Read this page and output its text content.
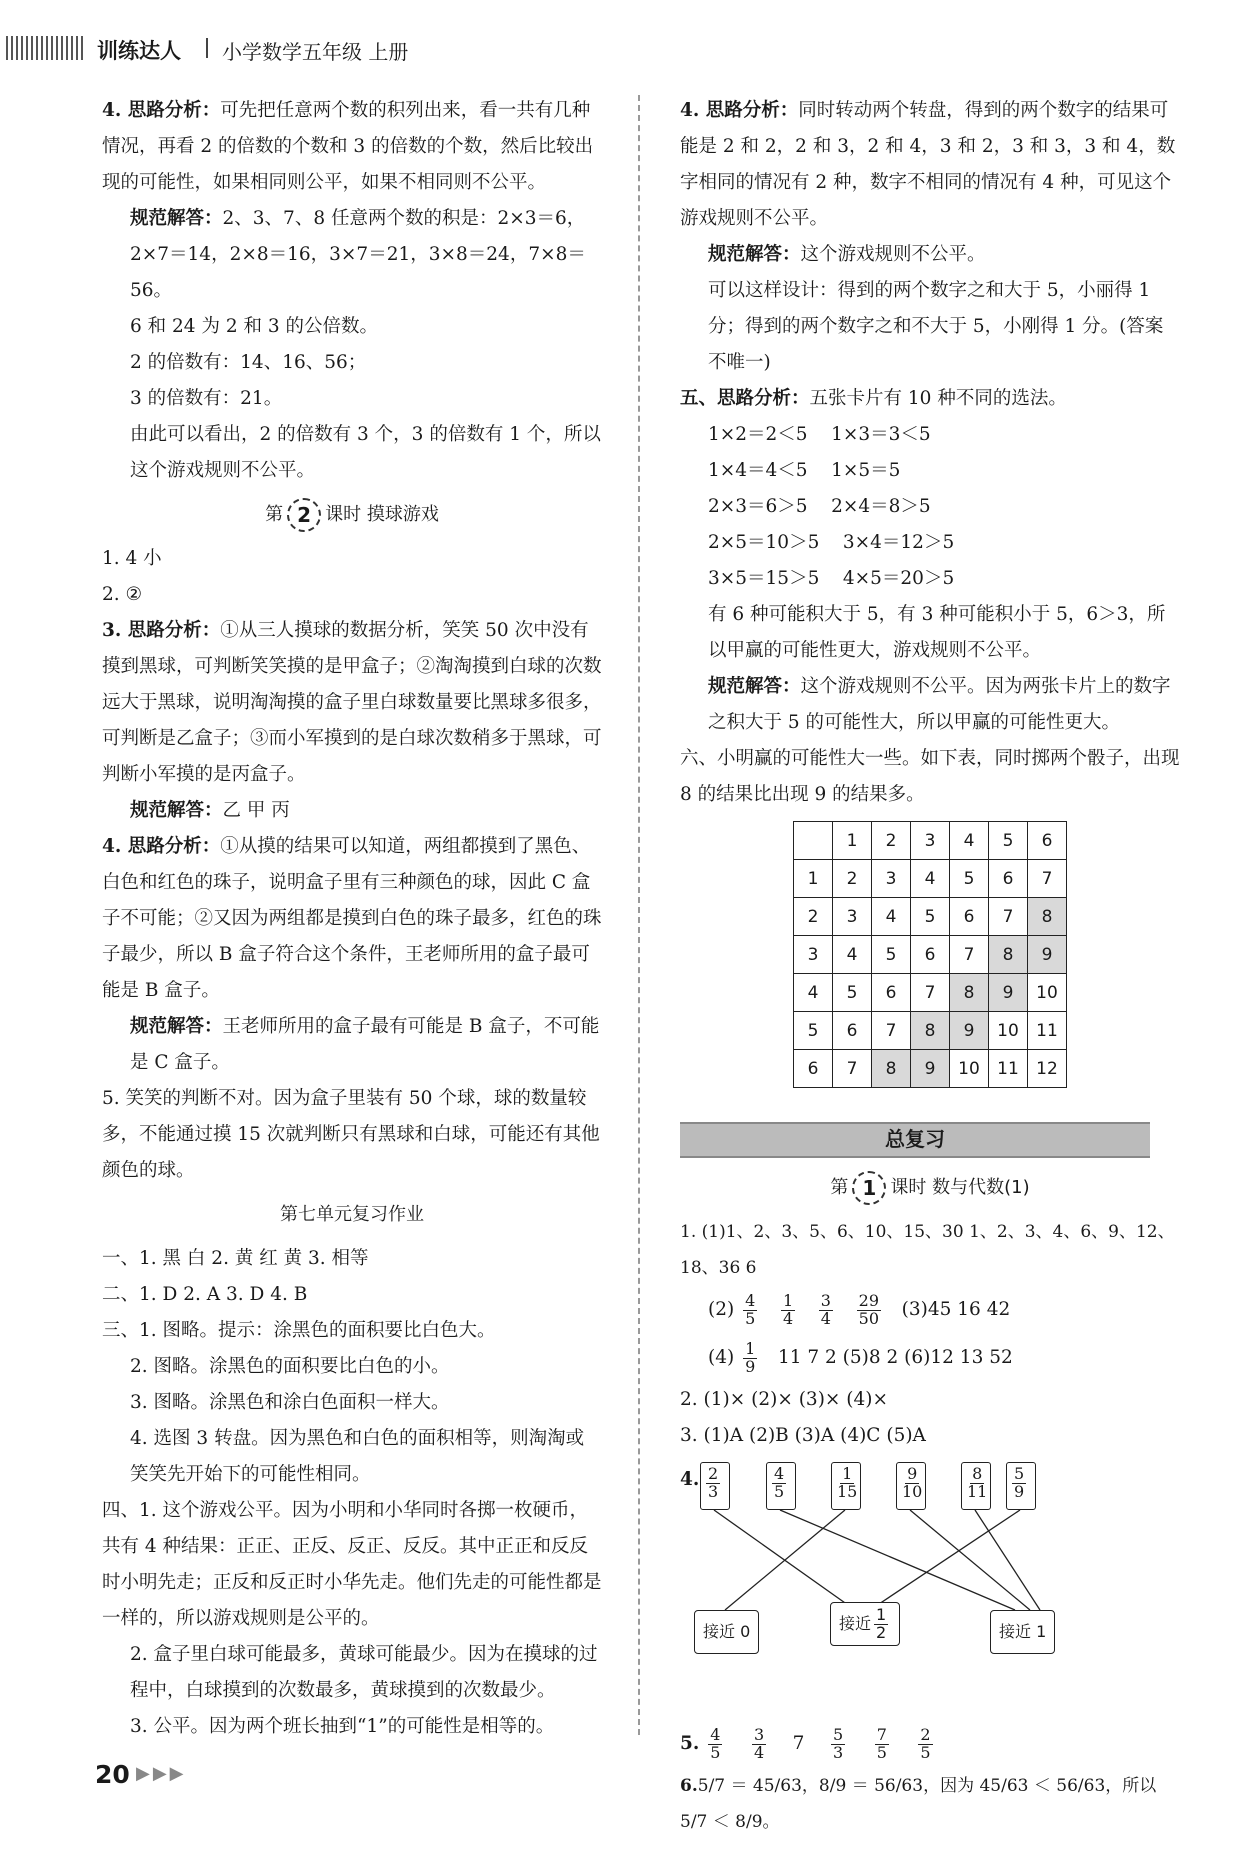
训练达人 小学数学五年级 上册

4. 思路分析：可先把任意两个数的积列出来，看一共有几种情况，再看 2 的倍数的个数和 3 的倍数的个数，然后比较出现的可能性，如果相同则公平，如果不相同则不公平。

规范解答：2、3、7、8 任意两个数的积是：2×3＝6，

2×7＝14，2×8＝16，3×7＝21，3×8＝24，7×8＝56。

6 和 24 为 2 和 3 的公倍数。

2 的倍数有：14、16、56；

3 的倍数有：21。

由此可以看出，2 的倍数有 3 个，3 的倍数有 1 个，所以这个游戏规则不公平。

第 2 课时 摸球游戏

1. 4 小

2. ②

3. 思路分析：①从三人摸球的数据分析，笑笑 50 次中没有摸到黑球，可判断笑笑摸的是甲盒子；②淘淘摸到白球的次数远大于黑球，说明淘淘摸的盒子里白球数量要比黑球多很多，可判断是乙盒子；③而小军摸到的是白球次数稍多于黑球，可判断小军摸的是丙盒子。

规范解答：乙 甲 丙

4. 思路分析：①从摸的结果可以知道，两组都摸到了黑色、白色和红色的珠子，说明盒子里有三种颜色的球，因此 C 盒子不可能；②又因为两组都是摸到白色的珠子最多，红色的珠子最少，所以 B 盒子符合这个条件，王老师所用的盒子最可能是 B 盒子。

规范解答：王老师所用的盒子最有可能是 B 盒子，不可能是 C 盒子。

5. 笑笑的判断不对。因为盒子里装有 50 个球，球的数量较多，不能通过摸 15 次就判断只有黑球和白球，可能还有其他颜色的球。

第七单元复习作业

一、1. 黑 白 2. 黄 红 黄 3. 相等

二、1. D 2. A 3. D 4. B

三、1. 图略。提示：涂黑色的面积要比白色大。

2. 图略。涂黑色的面积要比白色的小。

3. 图略。涂黑色和涂白色面积一样大。

4. 选图 3 转盘。因为黑色和白色的面积相等，则淘淘或笑笑先开始下的可能性相同。

四、1. 这个游戏公平。因为小明和小华同时各掷一枚硬币，共有 4 种结果：正正、正反、反正、反反。其中正正和反反时小明先走；正反和反正时小华先走。他们先走的可能性都是一样的，所以游戏规则是公平的。

2. 盒子里白球可能最多，黄球可能最少。因为在摸球的过程中，白球摸到的次数最多，黄球摸到的次数最少。

3. 公平。因为两个班长抽到“1”的可能性是相等的。

4. 思路分析：同时转动两个转盘，得到的两个数字的结果可能是 2 和 2，2 和 3，2 和 4，3 和 2，3 和 3，3 和 4，数字相同的情况有 2 种，数字不相同的情况有 4 种，可见这个游戏规则不公平。

规范解答：这个游戏规则不公平。

可以这样设计：得到的两个数字之和大于 5，小丽得 1 分；得到的两个数字之和不大于 5，小刚得 1 分。(答案不唯一)

五、思路分析：五张卡片有 10 种不同的选法。

1×2＝2＜5    1×3＝3＜5

1×4＝4＜5    1×5＝5

2×3＝6＞5    2×4＝8＞5

2×5＝10＞5    3×4＝12＞5

3×5＝15＞5    4×5＝20＞5

有 6 种可能积大于 5，有 3 种可能积小于 5，6＞3，所以甲赢的可能性更大，游戏规则不公平。

规范解答：这个游戏规则不公平。因为两张卡片上的数字之积大于 5 的可能性大，所以甲赢的可能性更大。

六、小明赢的可能性大一些。如下表，同时掷两个骰子，出现 8 的结果比出现 9 的结果多。

	1	2	3	4	5	6
1	2	3	4	5	6	7
2	3	4	5	6	7	8
3	4	5	6	7	8	9
4	5	6	7	8	9	10
5	6	7	8	9	10	11
6	7	8	9	10	11	12
总复习
第 1 课时 数与代数(1)

1. (1)1、2、3、5、6、10、15、30 1、2、3、4、6、9、12、18、36 6

$(2) \frac{4}{5}$
$\frac{1}{4}$
$\frac{3}{4}$
$\frac{29}{50} (3)45$ 16 42

$(4) \frac{1}{9} 11$ 7 2 (5)8 2 (6)12 13 52

2. (1)× (2)× (3)× (4)×

3. (1)A (2)B (3)A (4)C (5)A

4. $\frac{2}{3}$	$\frac{4}{5}$	$\frac{1}{15}$	$\frac{9}{10}$	$\frac{8}{11} \frac{5}{9}$
接近 0	接近 $\frac{1}{2}$	接近 1

5. $\frac{4}{5}$
$\frac{3}{4} 7 \frac{5}{3}$
$\frac{7}{5}$
$\frac{2}{5}$

6.5/7 ＝ 45/63，8/9 ＝ 56/63，因为 45/63 ＜ 56/63，所以 5/7 ＜ 8/9。

20 ▶▶▶
